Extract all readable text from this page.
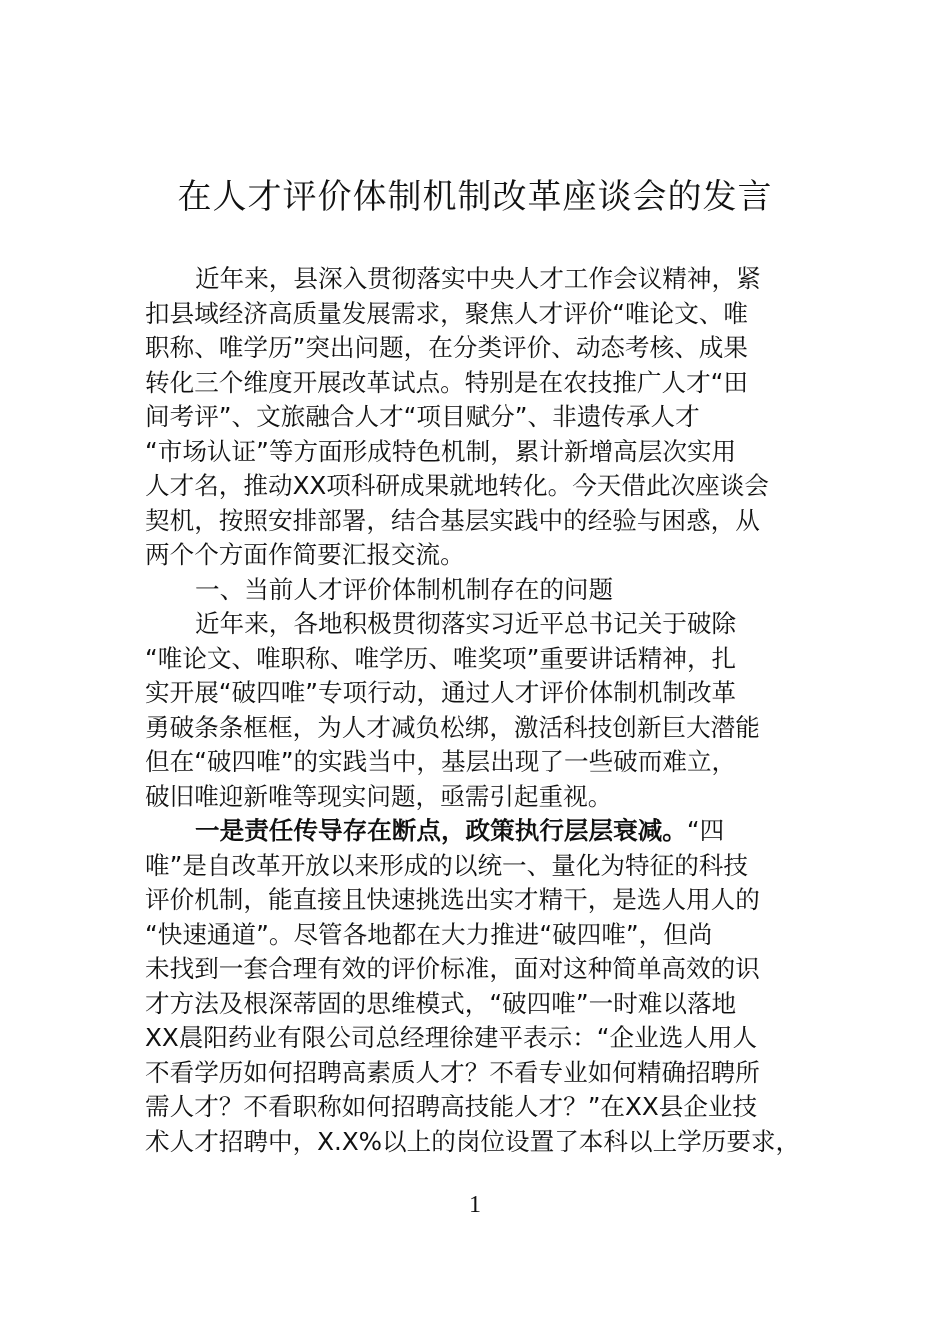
在人才评价体制机制改革座谈会的发言
近年来，县深入贯彻落实中央人才工作会议精神，紧
扣县域经济高质量发展需求，聚焦人才评价“唯论文、唯
职称、唯学历”突出问题，在分类评价、动态考核、成果
转化三个维度开展改革试点。特别是在农技推广人才“田
间考评”、文旅融合人才“项目赋分”、非遗传承人才
“市场认证”等方面形成特色机制，累计新增高层次实用
人才名，推动XX项科研成果就地转化。今天借此次座谈会
契机，按照安排部署，结合基层实践中的经验与困惑，从
两个个方面作简要汇报交流。
一、当前人才评价体制机制存在的问题
近年来，各地积极贯彻落实习近平总书记关于破除
“唯论文、唯职称、唯学历、唯奖项”重要讲话精神，扎
实开展“破四唯”专项行动，通过人才评价体制机制改革
勇破条条框框，为人才减负松绑，激活科技创新巨大潜能
但在“破四唯”的实践当中，基层出现了一些破而难立，
破旧唯迎新唯等现实问题，亟需引起重视。
一是责任传导存在断点，政策执行层层衰减。“四
唯”是自改革开放以来形成的以统一、量化为特征的科技
评价机制，能直接且快速挑选出实才精干，是选人用人的
“快速通道”。尽管各地都在大力推进“破四唯”，但尚
未找到一套合理有效的评价标准，面对这种简单高效的识
才方法及根深蒂固的思维模式，“破四唯”一时难以落地
XX晨阳药业有限公司总经理徐建平表示：“企业选人用人
不看学历如何招聘高素质人才？不看专业如何精确招聘所
需人才？不看职称如何招聘高技能人才？”在XX县企业技
术人才招聘中，X.X%以上的岗位设置了本科以上学历要求，
1
